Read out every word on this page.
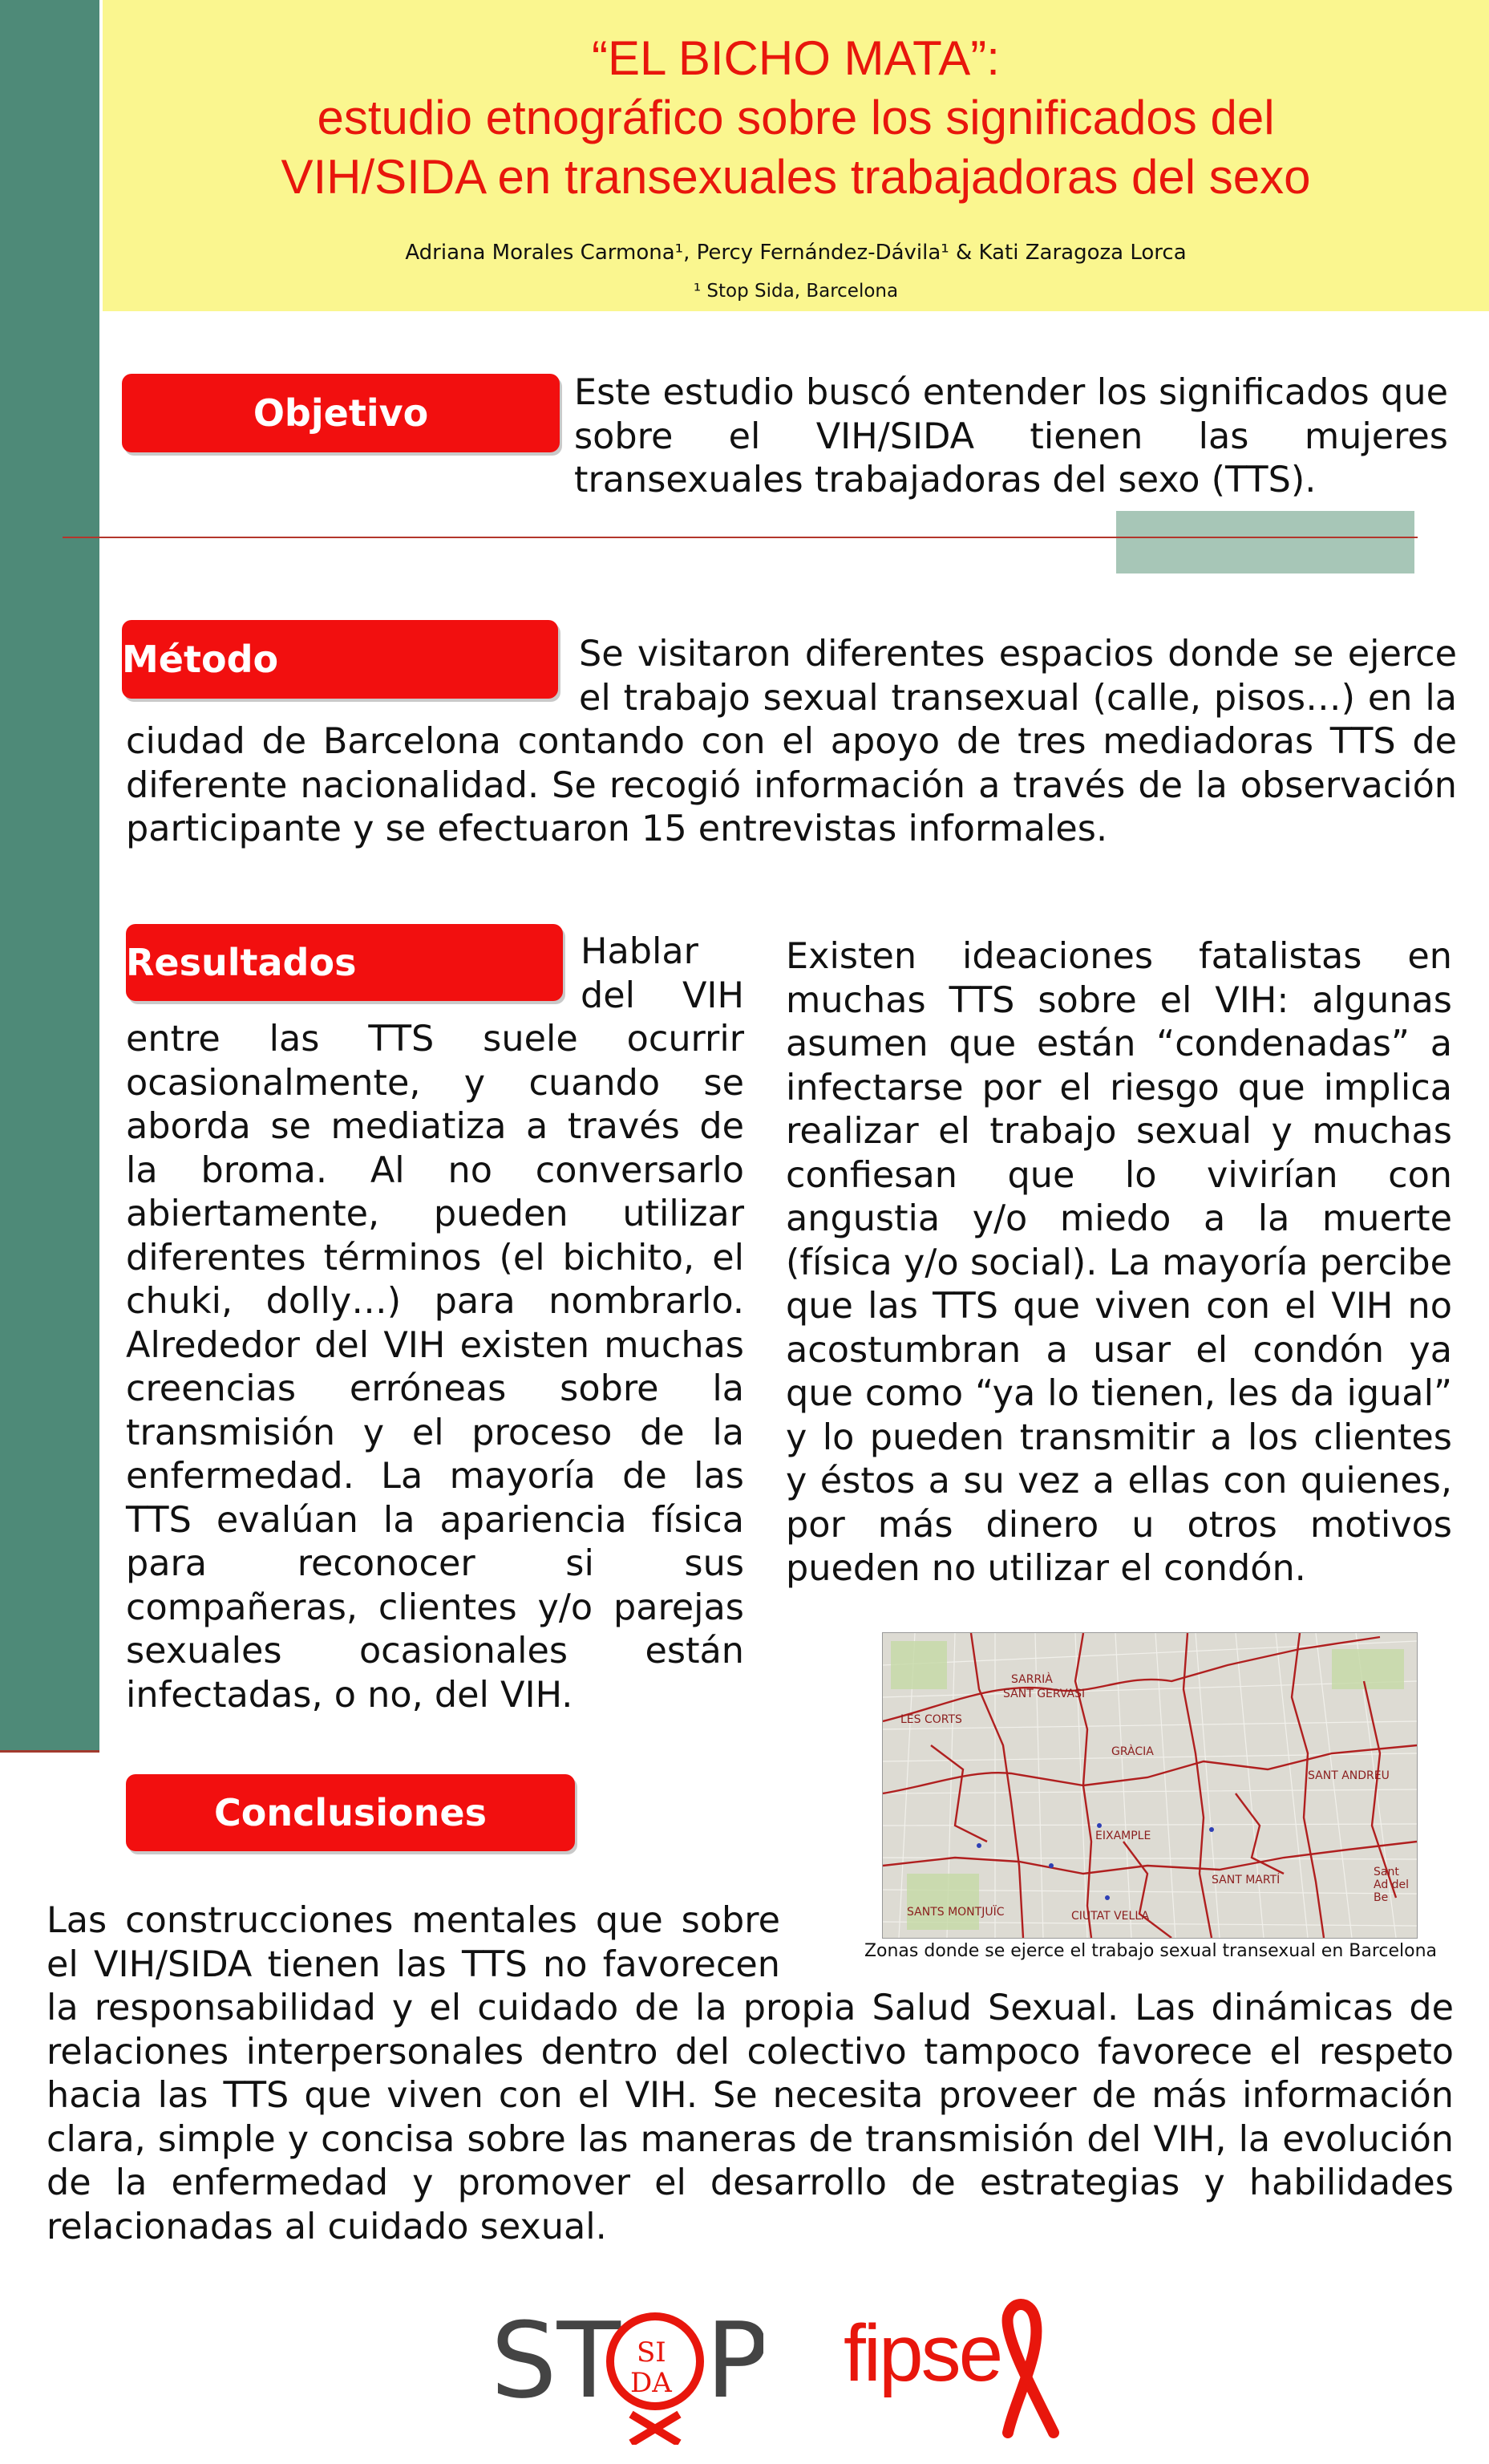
“EL BICHO MATA”:
estudio etnográfico sobre los significados del
VIH/SIDA en transexuales trabajadoras del sexo
Adriana Morales Carmona¹, Percy Fernández-Dávila¹ & Kati Zaragoza Lorca
¹ Stop Sida, Barcelona
Objetivo	Este estudio buscó entender los significados que sobre el VIH/SIDA tienen las mujeres transexuales trabajadoras del sexo (TTS).
Método	Se visitaron diferentes espacios donde se ejerce el trabajo sexual transexual (calle, pisos…) en la ciudad de Barcelona contando con el apoyo de tres mediadoras TTS de diferente nacionalidad. Se recogió información a través de la observación participante y se efectuaron 15 entrevistas informales.
Resultados	Hablar del VIH entre las TTS suele ocurrir ocasionalmente, y cuando se aborda se mediatiza a través de la broma. Al no conversarlo abiertamente, pueden utilizar diferentes términos (el bichito, el chuki, dolly…) para nombrarlo. Alrededor del VIH existen muchas creencias erróneas sobre la transmisión y el proceso de la enfermedad. La mayoría de las TTS evalúan la apariencia física para reconocer si sus compañeras, clientes y/o parejas sexuales ocasionales están infectadas, o no, del VIH.
Existen ideaciones fatalistas en muchas TTS sobre el VIH: algunas asumen que están “condenadas” a infectarse por el riesgo que implica realizar el trabajo sexual y muchas confiesan que lo vivirían con angustia y/o miedo a la muerte (física y/o social). La mayoría percibe que las TTS que viven con el VIH no acostumbran a usar el condón ya que como “ya lo tienen, les da igual” y lo pueden transmitir a los clientes y éstos a su vez a ellas con quienes, por más dinero u otros motivos pueden no utilizar el condón.
SARRIÀ
SANT GERVASI
LES CORTS
GRÀCIA
SANT ANDREU
EIXAMPLE
SANT MARTÍ
SANTS MONTJUÏC	CIUTAT VELLA
Sant Ad del Be
Zonas donde se ejerce el trabajo sexual transexual en Barcelona
Conclusiones
Las construcciones mentales que sobre el VIH/SIDA tienen las TTS no favorecen la responsabilidad y el cuidado de la propia Salud Sexual. Las dinámicas de relaciones interpersonales dentro del colectivo tampoco favorece el respeto hacia las TTS que viven con el VIH. Se necesita proveer de más información clara, simple y concisa sobre las maneras de transmisión del VIH, la evolución de la enfermedad y promover el desarrollo de estrategias y habilidades relacionadas al cuidado sexual.
ST SI
DA P fipse
